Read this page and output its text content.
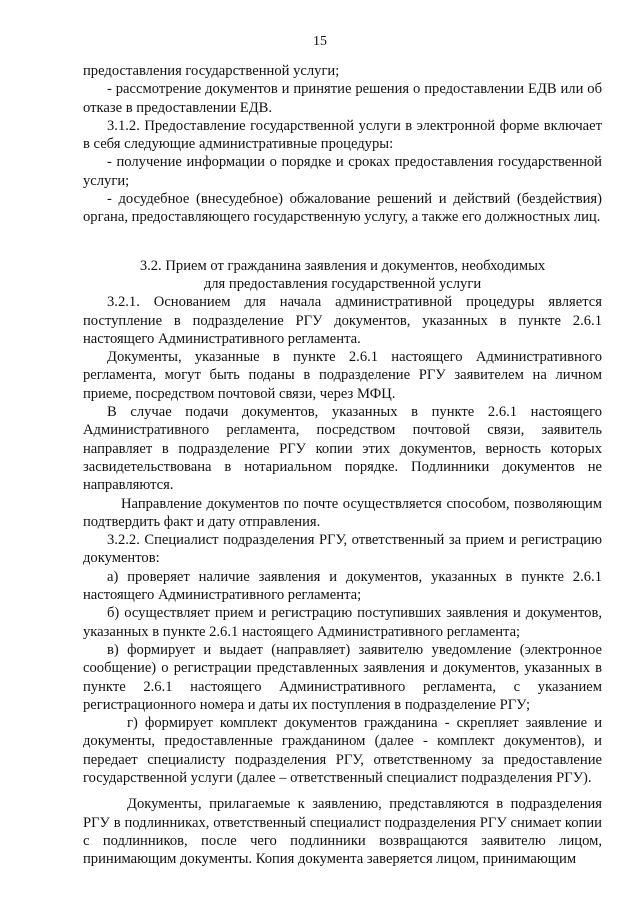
15

предоставления государственной услуги;

- рассмотрение документов и принятие решения о предоставлении ЕДВ или об отказе в предоставлении ЕДВ.

3.1.2. Предоставление государственной услуги в электронной форме включает в себя следующие административные процедуры:

- получение информации о порядке и сроках предоставления государственной услуги;

- досудебное (внесудебное) обжалование решений и действий (бездействия) органа, предоставляющего государственную услугу, а также его должностных лиц.

3.2. Прием от гражданина заявления и документов, необходимых

для предоставления государственной услуги

3.2.1. Основанием для начала административной процедуры является поступление в подразделение РГУ документов, указанных в пункте 2.6.1 настоящего Административного регламента.

Документы, указанные в пункте 2.6.1 настоящего Административного регламента, могут быть поданы в подразделение РГУ заявителем на личном приеме, посредством почтовой связи, через МФЦ.

В случае подачи документов, указанных в пункте 2.6.1 настоящего Административного регламента, посредством почтовой связи, заявитель направляет в подразделение РГУ копии этих документов, верность которых засвидетельствована в нотариальном порядке. Подлинники документов не направляются.

Направление документов по почте осуществляется способом, позволяющим подтвердить факт и дату отправления.

3.2.2. Специалист подразделения РГУ, ответственный за прием и регистрацию документов:

а) проверяет наличие заявления и документов, указанных в пункте 2.6.1 настоящего Административного регламента;

б) осуществляет прием и регистрацию поступивших заявления и документов, указанных в пункте 2.6.1 настоящего Административного регламента;

в) формирует и выдает (направляет) заявителю уведомление (электронное сообщение) о регистрации представленных заявления и документов, указанных в пункте 2.6.1 настоящего Административного регламента, с указанием регистрационного номера и даты их поступления в подразделение РГУ;

г) формирует комплект документов гражданина - скрепляет заявление и документы, предоставленные гражданином (далее - комплект документов), и передает специалисту подразделения РГУ, ответственному за предоставление государственной услуги (далее – ответственный специалист подразделения РГУ).

Документы, прилагаемые к заявлению, представляются в подразделения РГУ в подлинниках, ответственный специалист подразделения РГУ снимает копии с подлинников, после чего подлинники возвращаются заявителю лицом, принимающим документы. Копия документа заверяется лицом, принимающим
